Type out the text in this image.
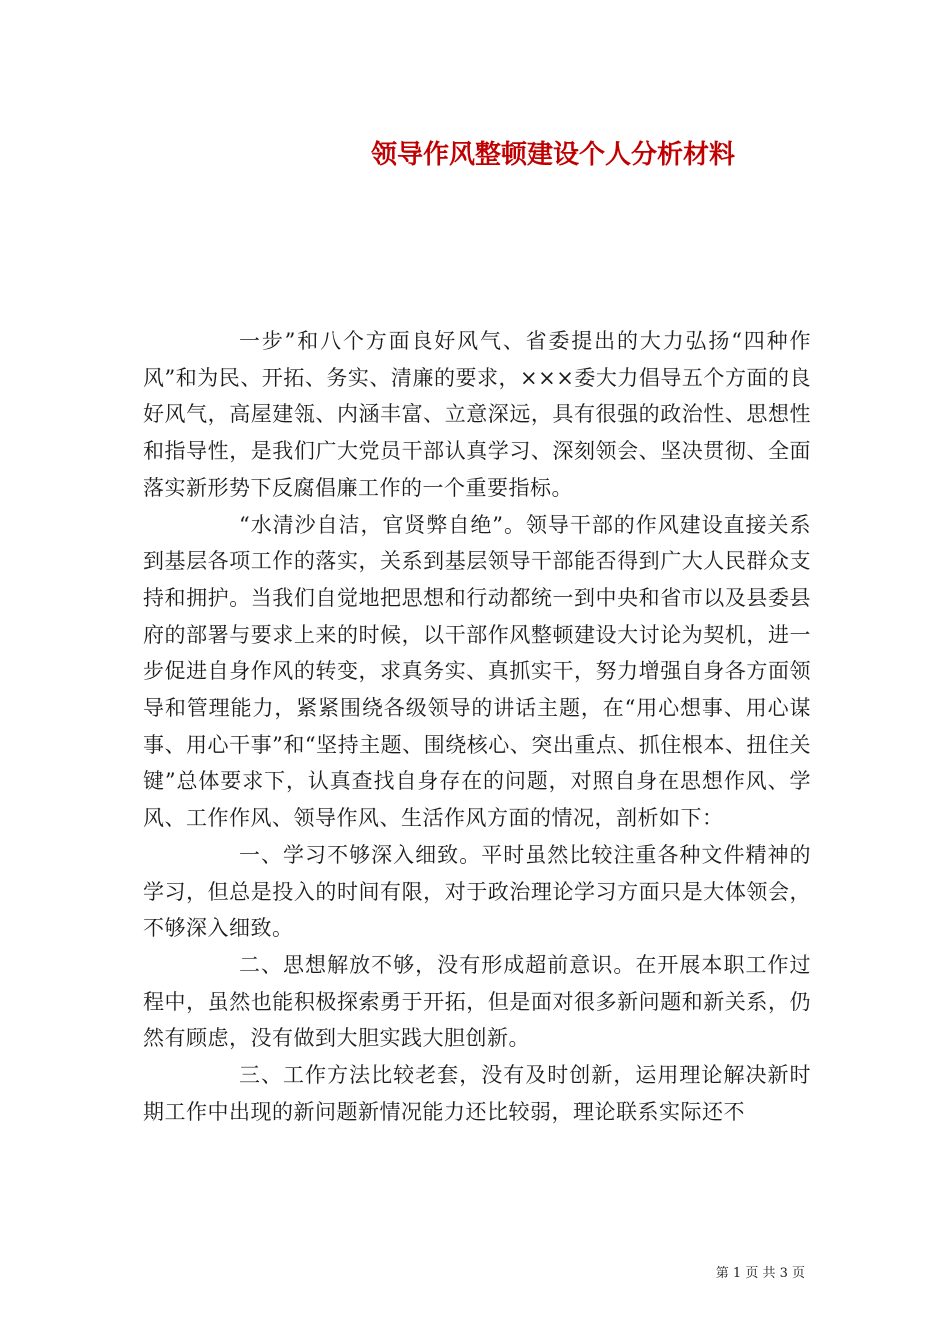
领导作风整顿建设个人分析材料

一步”和八个方面良好风气、省委提出的大力弘扬“四种作风”和为民、开拓、务实、清廉的要求，×××委大力倡导五个方面的良好风气，高屋建瓴、内涵丰富、立意深远，具有很强的政治性、思想性和指导性，是我们广大党员干部认真学习、深刻领会、坚决贯彻、全面落实新形势下反腐倡廉工作的一个重要指标。

“水清沙自洁，官贤弊自绝”。领导干部的作风建设直接关系到基层各项工作的落实，关系到基层领导干部能否得到广大人民群众支持和拥护。当我们自觉地把思想和行动都统一到中央和省市以及县委县府的部署与要求上来的时候，以干部作风整顿建设大讨论为契机，进一步促进自身作风的转变，求真务实、真抓实干，努力增强自身各方面领导和管理能力，紧紧围绕各级领导的讲话主题，在“用心想事、用心谋事、用心干事”和“坚持主题、围绕核心、突出重点、抓住根本、扭住关键”总体要求下，认真查找自身存在的问题，对照自身在思想作风、学风、工作作风、领导作风、生活作风方面的情况，剖析如下：

一、学习不够深入细致。平时虽然比较注重各种文件精神的学习，但总是投入的时间有限，对于政治理论学习方面只是大体领会，不够深入细致。

二、思想解放不够，没有形成超前意识。在开展本职工作过程中，虽然也能积极探索勇于开拓，但是面对很多新问题和新关系，仍然有顾虑，没有做到大胆实践大胆创新。

三、工作方法比较老套，没有及时创新，运用理论解决新时期工作中出现的新问题新情况能力还比较弱，理论联系实际还不

第 1 页 共 3 页
